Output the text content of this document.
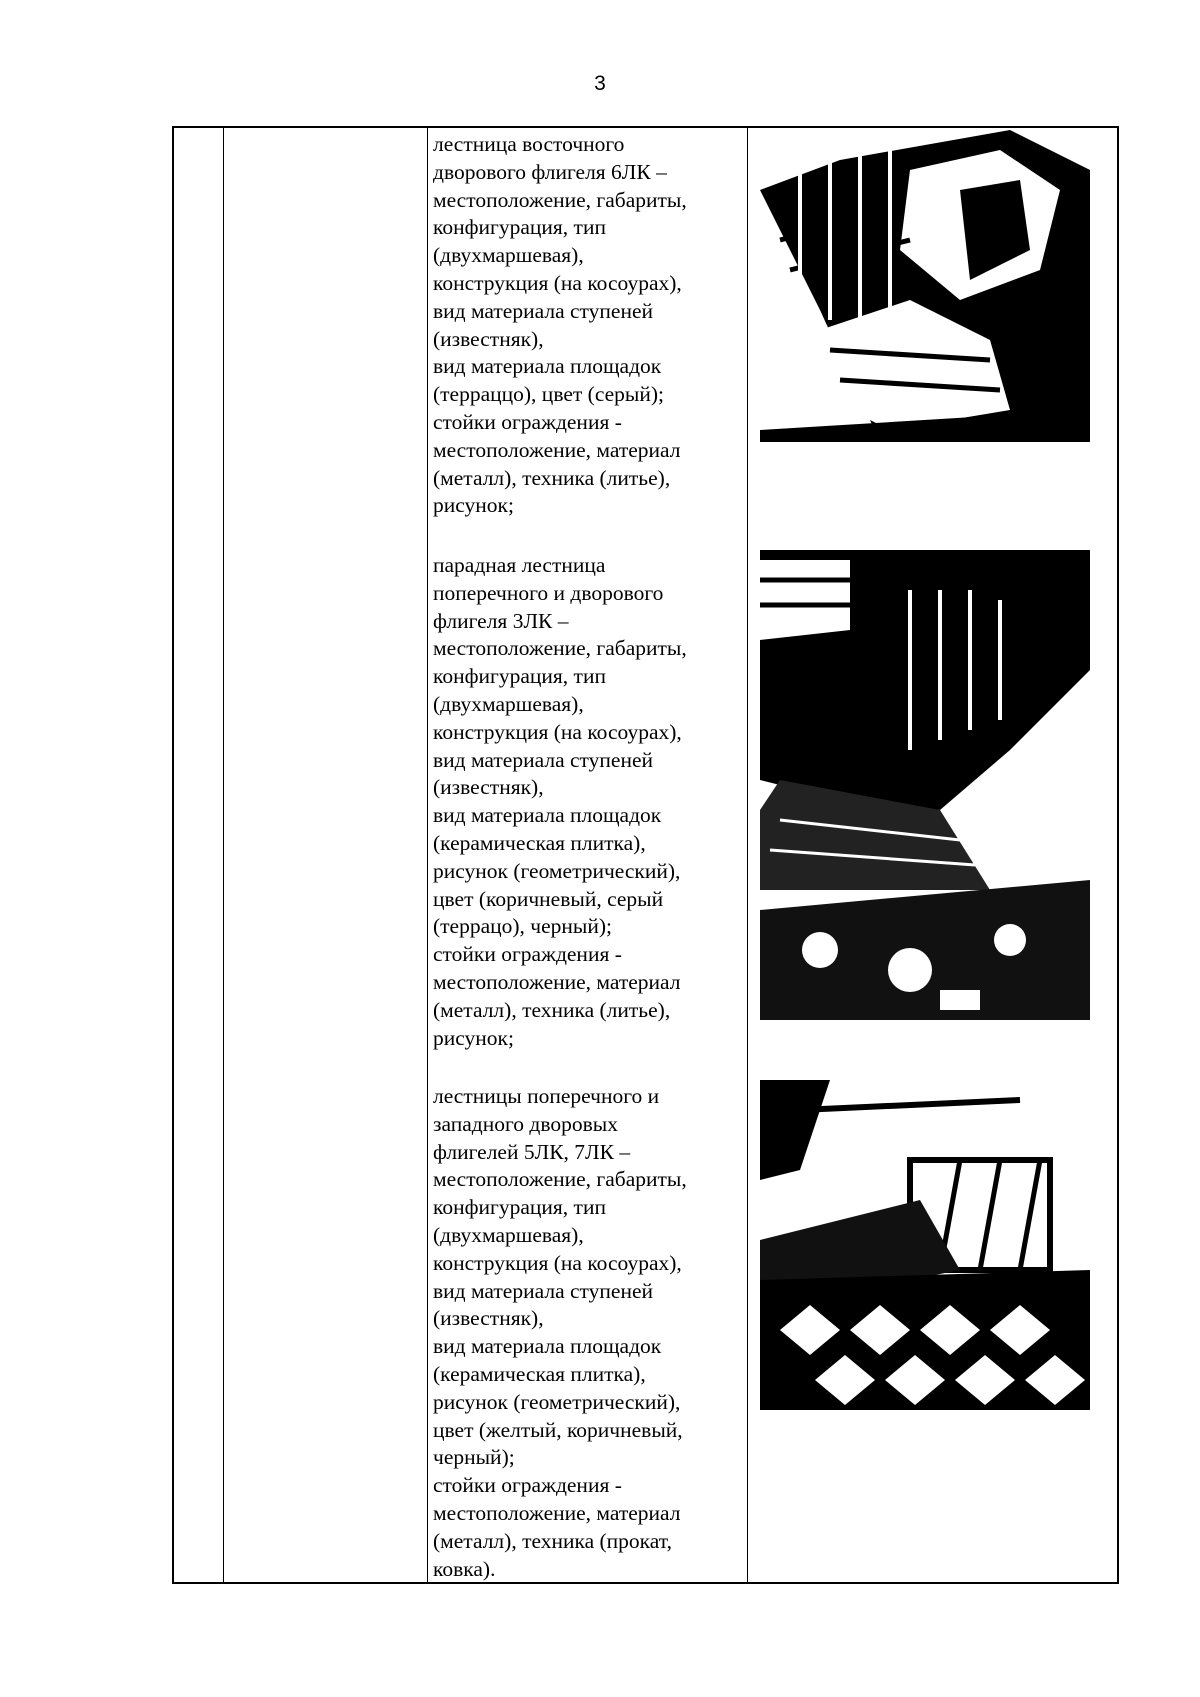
3
лестница восточного
дворового флигеля 6ЛК –
местоположение, габариты,
конфигурация, тип
(двухмаршевая),
конструкция (на косоурах),
вид материала ступеней
(известняк),
вид материала площадок
(терраццо), цвет (серый);
стойки ограждения -
местоположение, материал
(металл), техника (литье),
рисунок;
парадная лестница
поперечного и дворового
флигеля 3ЛК –
местоположение, габариты,
конфигурация, тип
(двухмаршевая),
конструкция (на косоурах),
вид материала ступеней
(известняк),
вид материала площадок
(керамическая плитка),
рисунок (геометрический),
цвет (коричневый, серый
(террацо), черный);
стойки ограждения -
местоположение, материал
(металл), техника (литье),
рисунок;
лестницы поперечного и
западного дворовых
флигелей 5ЛК, 7ЛК –
местоположение, габариты,
конфигурация, тип
(двухмаршевая),
конструкция (на косоурах),
вид материала ступеней
(известняк),
вид материала площадок
(керамическая плитка),
рисунок (геометрический),
цвет (желтый, коричневый,
черный);
стойки ограждения -
местоположение, материал
(металл), техника (прокат,
ковка).
